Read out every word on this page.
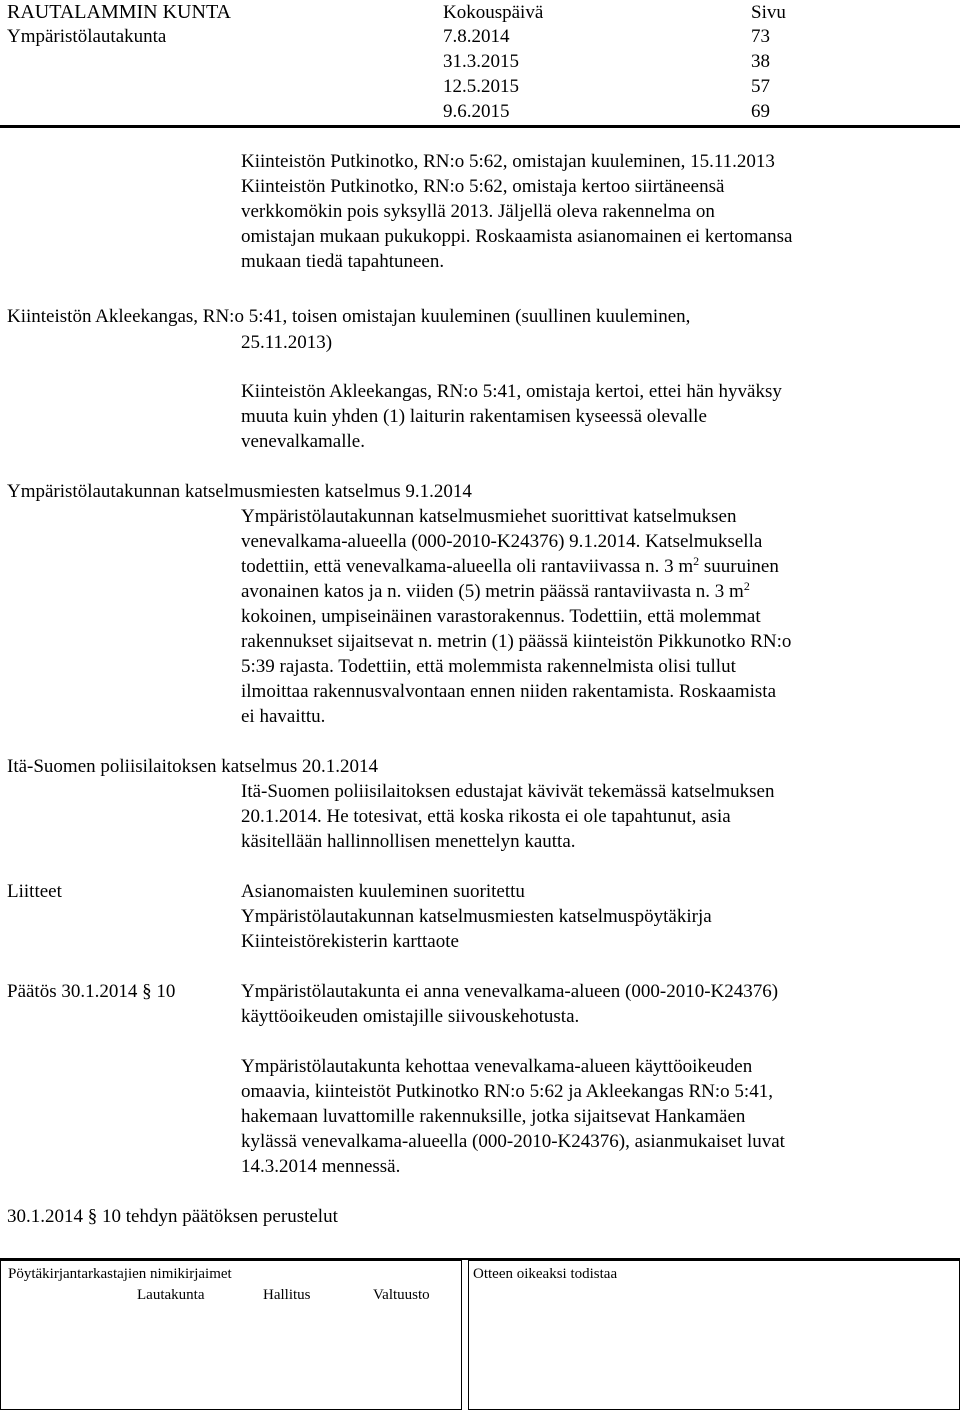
RAUTALAMMIN KUNTA
Ympäristölautakunta
Kokouspäivä	Sivu
7.8.2014	73
31.3.2015	38
12.5.2015	57
9.6.2015	69
Kiinteistön Putkinotko, RN:o 5:62, omistajan kuuleminen, 15.11.2013
Kiinteistön Putkinotko, RN:o 5:62, omistaja kertoo siirtäneensä
verkkomökin pois syksyllä 2013. Jäljellä oleva rakennelma on
omistajan mukaan pukukoppi. Roskaamista asianomainen ei kertomansa
mukaan tiedä tapahtuneen.
Kiinteistön Akleekangas, RN:o 5:41, toisen omistajan kuuleminen (suullinen kuuleminen,
25.11.2013)
Kiinteistön Akleekangas, RN:o 5:41, omistaja kertoi, ettei hän hyväksy
muuta kuin yhden (1) laiturin rakentamisen kyseessä olevalle
venevalkamalle.
Ympäristölautakunnan katselmusmiesten katselmus 9.1.2014
Ympäristölautakunnan katselmusmiehet suorittivat katselmuksen
venevalkama-alueella (000-2010-K24376) 9.1.2014. Katselmuksella
todettiin, että venevalkama-alueella oli rantaviivassa n. 3 $m^2$ suuruinen
avonainen katos ja n. viiden (5) metrin päässä rantaviivasta n. 3 $m^2$
kokoinen, umpiseinäinen varastorakennus. Todettiin, että molemmat
rakennukset sijaitsevat n. metrin (1) päässä kiinteistön Pikkunotko RN:o
5:39 rajasta. Todettiin, että molemmista rakennelmista olisi tullut
ilmoittaa rakennusvalvontaan ennen niiden rakentamista. Roskaamista
ei havaittu.
Itä-Suomen poliisilaitoksen katselmus 20.1.2014
Itä-Suomen poliisilaitoksen edustajat kävivät tekemässä katselmuksen
20.1.2014. He totesivat, että koska rikosta ei ole tapahtunut, asia
käsitellään hallinnollisen menettelyn kautta.
Liitteet	Asianomaisten kuuleminen suoritettu
Ympäristölautakunnan katselmusmiesten katselmuspöytäkirja
Kiinteistörekisterin karttaote
Päätös 30.1.2014 § 10	Ympäristölautakunta ei anna venevalkama-alueen (000-2010-K24376)
käyttöoikeuden omistajille siivouskehotusta.
Ympäristölautakunta kehottaa venevalkama-alueen käyttöoikeuden
omaavia, kiinteistöt Putkinotko RN:o 5:62 ja Akleekangas RN:o 5:41,
hakemaan luvattomille rakennuksille, jotka sijaitsevat Hankamäen
kylässä venevalkama-alueella (000-2010-K24376), asianmukaiset luvat
14.3.2014 mennessä.
30.1.2014 § 10 tehdyn päätöksen perustelut
Pöytäkirjantarkastajien nimikirjaimet
Lautakunta	Hallitus	Valtuusto
Otteen oikeaksi todistaa
